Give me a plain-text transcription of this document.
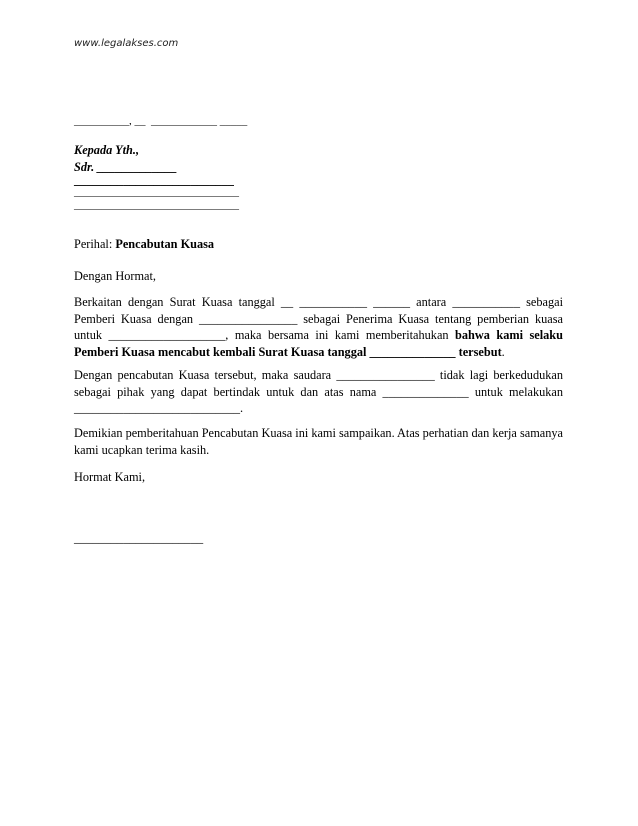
www.legalakses.com
__________, __  ____________ _____
Kepada Yth.,
Sdr. _____________
__________________________
______________________________
______________________________
Perihal: Pencabutan Kuasa
Dengan Hormat,
Berkaitan dengan Surat Kuasa tanggal __ ___________ ______ antara ___________ sebagai Pemberi Kuasa dengan ________________ sebagai Penerima Kuasa tentang pemberian kuasa untuk ___________________, maka bersama ini kami memberitahukan bahwa kami selaku Pemberi Kuasa mencabut kembali Surat Kuasa tanggal ______________ tersebut.
Dengan pencabutan Kuasa tersebut, maka saudara ________________ tidak lagi berkedudukan sebagai pihak yang dapat bertindak untuk dan atas nama ______________ untuk melakukan ___________________________.
Demikian pemberitahuan Pencabutan Kuasa ini kami sampaikan. Atas perhatian dan kerja samanya kami ucapkan terima kasih.
Hormat Kami,
_____________________
